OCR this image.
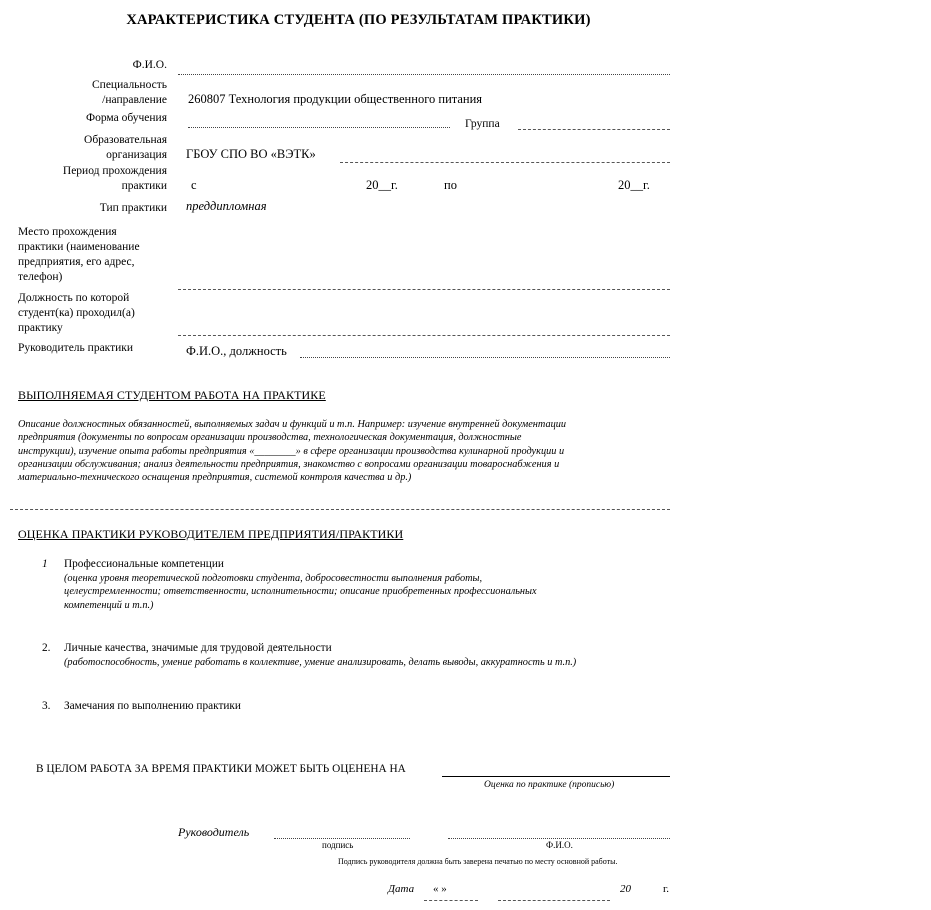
ХАРАКТЕРИСТИКА СТУДЕНТА (ПО РЕЗУЛЬТАТАМ ПРАКТИКИ)
Ф.И.О.
Специальность
/направление 260807 Технология продукции общественного питания
Форма обучения	Группа
Образовательная
организация ГБОУ СПО ВО «ВЭТК»
Период прохождения
практики с	20__г.	по	20__г.
Тип практики преддипломная
Место прохождения
практики (наименование
предприятия, его адрес,
телефон)
Должность по которой
студент(ка) проходил(а)
практику
Руководитель практики	Ф.И.О., должность
ВЫПОЛНЯЕМАЯ СТУДЕНТОМ РАБОТА НА ПРАКТИКЕ
Описание должностных обязанностей, выполняемых задач и функций и т.п. Например: изучение внутренней документации
предприятия (документы по вопросам организации производства, технологическая документация, должностные
инструкции), изучение опыта работы предприятия «________» в сфере организации производства кулинарной продукции и
организации обслуживания; анализ деятельности предприятия, знакомство с вопросами организации товароснабжения и
материально-технического оснащения предприятия, системой контроля качества и др.)
ОЦЕНКА ПРАКТИКИ РУКОВОДИТЕЛЕМ ПРЕДПРИЯТИЯ/ПРАКТИКИ
1 Профессиональные компетенции
(оценка уровня теоретической подготовки студента, добросовестности выполнения работы,
целеустремленности; ответственности, исполнительности; описание приобретенных профессиональных
компетенций и т.п.)
2. Личные качества, значимые для трудовой деятельности
(работоспособность, умение работать в коллективе, умение анализировать, делать выводы, аккуратность и т.п.)
3. Замечания по выполнению практики
В ЦЕЛОМ РАБОТА ЗА ВРЕМЯ ПРАКТИКИ МОЖЕТ БЫТЬ ОЦЕНЕНА НА
Оценка по практике (прописью)
Руководитель
подпись	Ф.И.О.
Подпись руководителя должна быть заверена печатью по месту основной работы.
Дата « »	20	г.
